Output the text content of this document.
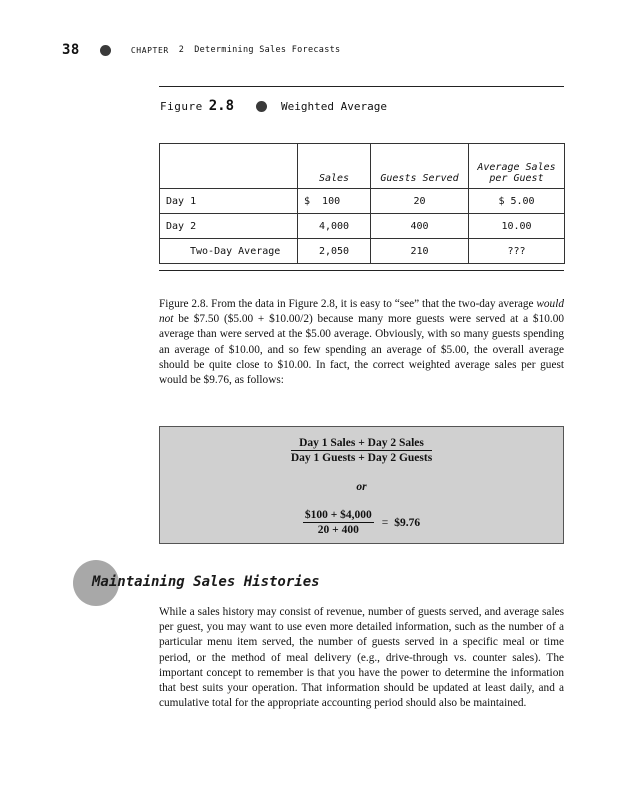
38	CHAPTER 2 Determining Sales Forecasts
Figure 2.8	Weighted Average
	Sales	Guests Served	Average Sales
per Guest
Day 1	$  100	20	$ 5.00
Day 2	4,000	400	10.00
Two-Day Average	2,050	210	???
Figure 2.8. From the data in Figure 2.8, it is easy to “see” that the two-day average would not be $7.50 ($5.00 + $10.00/2) because many more guests were served at a $10.00 average than were served at the $5.00 average. Obviously, with so many guests spending an average of $10.00, and so few spending an average of $5.00, the overall average should be quite close to $10.00. In fact, the correct weighted average sales per guest would be $9.76, as follows:
$\frac{\text{Day 1 Sales + Day 2 Sales}}{\text{Day 1 Guests + Day 2 Guests}}$
or
$\frac{\$100 + \$4,000}{20 + 400}$ = $9.76
Maintaining Sales Histories
While a sales history may consist of revenue, number of guests served, and average sales per guest, you may want to use even more detailed information, such as the number of a particular menu item served, the number of guests served in a specific meal or time period, or the method of meal delivery (e.g., drive-through vs. counter sales). The important concept to remember is that you have the power to determine the information that best suits your operation. That information should be updated at least daily, and a cumulative total for the appropriate accounting period should also be maintained.
